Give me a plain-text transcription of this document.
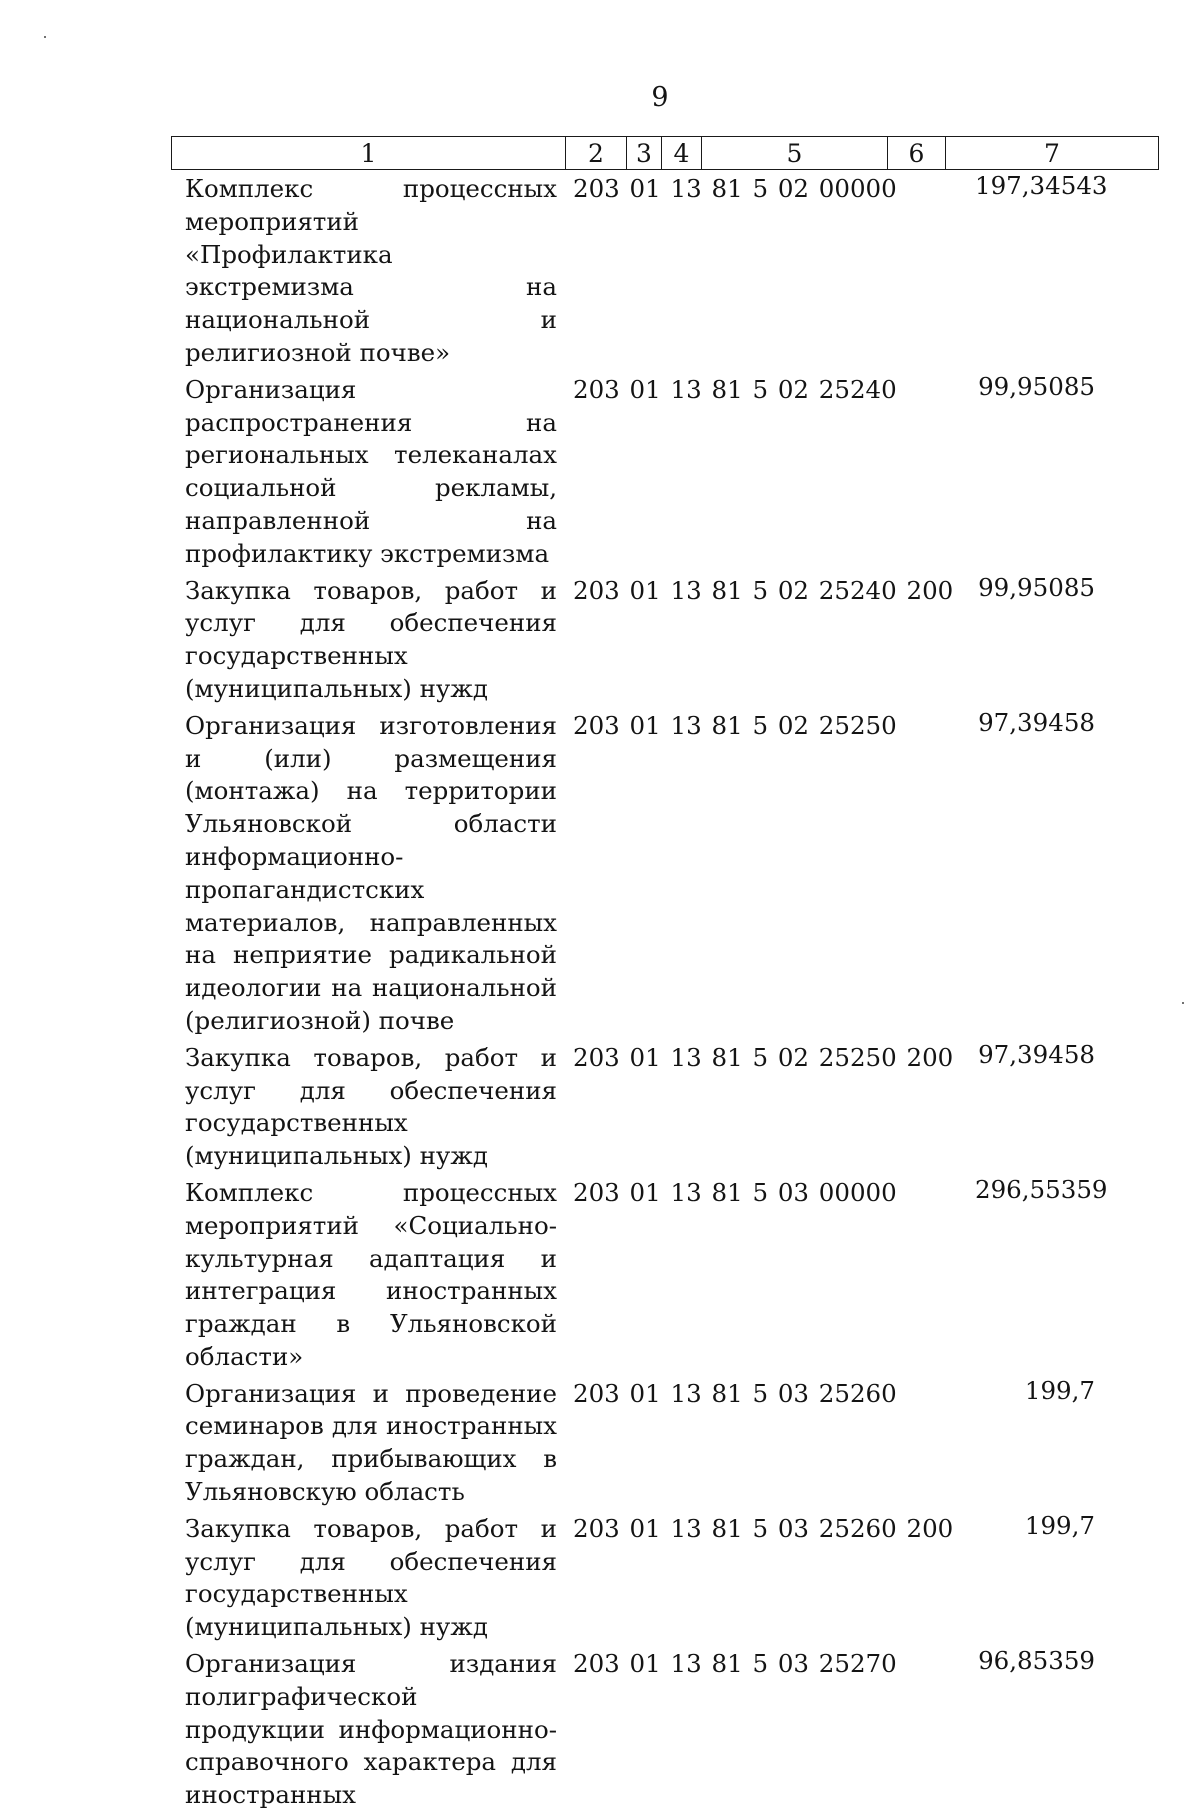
9
1	2	3 4	5	6	7
Комплекс процессных мероприятий «Профилактика экстремизма на национальной и религиозной почве»
203 01 13 81 5 02 00000	197,34543
Организация распространения на региональных телеканалах социальной рекламы, направленной на профилактику экстремизма
203 01 13 81 5 02 25240	99,95085
Закупка товаров, работ и услуг для обеспечения государственных (муниципальных) нужд
203 01 13 81 5 02 25240 200 99,95085
Организация изготовления и (или) размещения (монтажа) на территории Ульяновской области информационно-пропагандистских материалов, направленных на неприятие радикальной идеологии на национальной (религиозной) почве
203 01 13 81 5 02 25250	97,39458
Закупка товаров, работ и услуг для обеспечения государственных (муниципальных) нужд
203 01 13 81 5 02 25250 200 97,39458
Комплекс процессных мероприятий «Социально-культурная адаптация и интеграция иностранных граждан в Ульяновской области»
203 01 13 81 5 03 00000	296,55359
Организация и проведение семинаров для иностранных граждан, прибывающих в Ульяновскую область
203 01 13 81 5 03 25260	199,7
Закупка товаров, работ и услуг для обеспечения государственных (муниципальных) нужд
203 01 13 81 5 03 25260 200	199,7
Организация издания полиграфической продукции информационно-справочного характера для иностранных
203 01 13 81 5 03 25270	96,85359
